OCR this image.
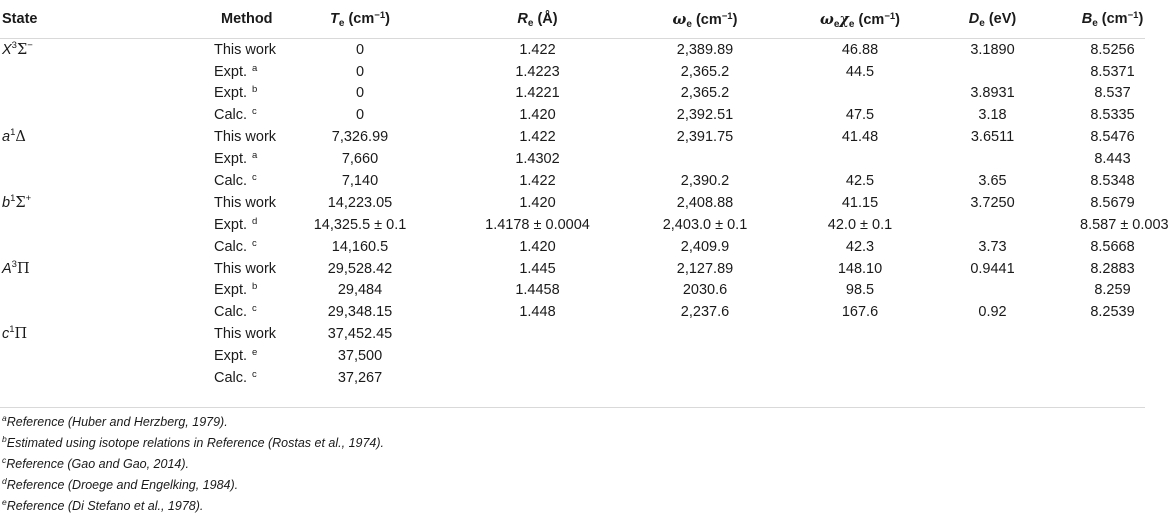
State	Method	$T_e$ $(cm^{-1})$	$R_e$ (Å)	$\omega_e$ $(cm^{-1})$	$\omega_e\chi_e$ $(cm^{-1})$	$D_e$ (eV)	$B_e$ $(cm^{-1})$
$X^3\Sigma^-$	This work	0	1.422	2,389.89	46.88	3.1890	8.5256
	Expt. $^a$	0	1.4223	2,365.2	44.5		8.5371
	Expt. $^b$	0	1.4221	2,365.2		3.8931	8.537
	Calc. $^c$	0	1.420	2,392.51	47.5	3.18	8.5335
$a^1\Delta$	This work	7,326.99	1.422	2,391.75	41.48	3.6511	8.5476
	Expt. $^a$	7,660	1.4302				8.443
	Calc. $^c$	7,140	1.422	2,390.2	42.5	3.65	8.5348
$b^1\Sigma^+$	This work	14,223.05	1.420	2,408.88	41.15	3.7250	8.5679
	Expt. $^d$	14,325.5 ± 0.1	1.4178 ± 0.0004	2,403.0 ± 0.1	42.0 ± 0.1		8.587 ± 0.003
	Calc. $^c$	14,160.5	1.420	2,409.9	42.3	3.73	8.5668
$A^3\Pi$	This work	29,528.42	1.445	2,127.89	148.10	0.9441	8.2883
	Expt. $^b$	29,484	1.4458	2030.6	98.5		8.259
	Calc. $^c$	29,348.15	1.448	2,237.6	167.6	0.92	8.2539
$c^1\Pi$	This work	37,452.45					
	Expt. $^e$	37,500					
	Calc. $^c$	37,267					
$^a$Reference (Huber and Herzberg, 1979).
$^b$Estimated using isotope relations in Reference (Rostas et al., 1974).
$^c$Reference (Gao and Gao, 2014).
$^d$Reference (Droege and Engelking, 1984).
$^e$Reference (Di Stefano et al., 1978).
